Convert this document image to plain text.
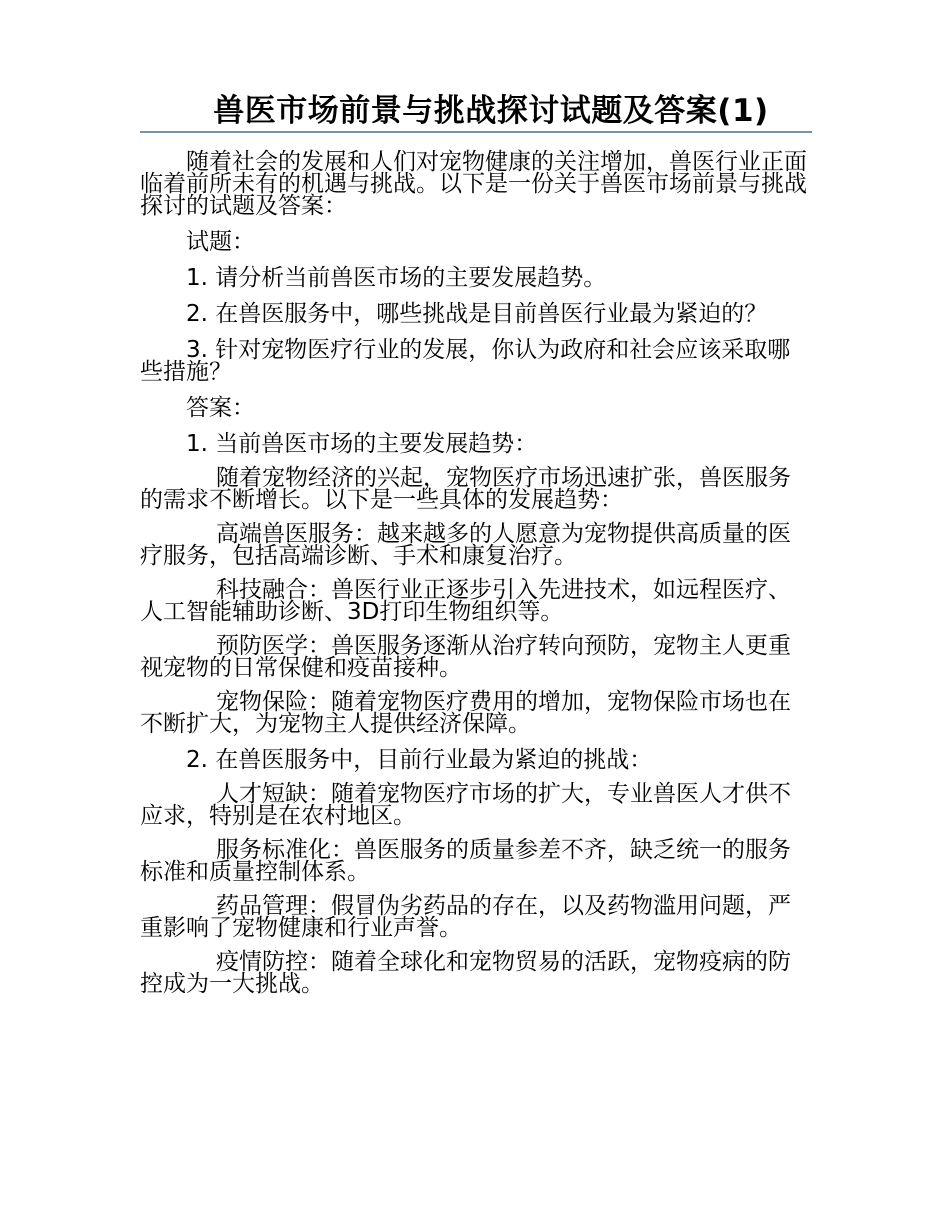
兽医市场前景与挑战探讨试题及答案(1)

随着社会的发展和人们对宠物健康的关注增加，兽医行业正面临着前所未有的机遇与挑战。以下是一份关于兽医市场前景与挑战探讨的试题及答案：

试题：

1. 请分析当前兽医市场的主要发展趋势。

2. 在兽医服务中，哪些挑战是目前兽医行业最为紧迫的？

3. 针对宠物医疗行业的发展，你认为政府和社会应该采取哪些措施？

答案：

1. 当前兽医市场的主要发展趋势：

随着宠物经济的兴起，宠物医疗市场迅速扩张，兽医服务的需求不断增长。以下是一些具体的发展趋势：

高端兽医服务：越来越多的人愿意为宠物提供高质量的医疗服务，包括高端诊断、手术和康复治疗。

科技融合：兽医行业正逐步引入先进技术，如远程医疗、人工智能辅助诊断、3D打印生物组织等。

预防医学：兽医服务逐渐从治疗转向预防，宠物主人更重视宠物的日常保健和疫苗接种。

宠物保险：随着宠物医疗费用的增加，宠物保险市场也在不断扩大，为宠物主人提供经济保障。

2. 在兽医服务中，目前行业最为紧迫的挑战：

人才短缺：随着宠物医疗市场的扩大，专业兽医人才供不应求，特别是在农村地区。

服务标准化：兽医服务的质量参差不齐，缺乏统一的服务标准和质量控制体系。

药品管理：假冒伪劣药品的存在，以及药物滥用问题，严重影响了宠物健康和行业声誉。

疫情防控：随着全球化和宠物贸易的活跃，宠物疫病的防控成为一大挑战。
